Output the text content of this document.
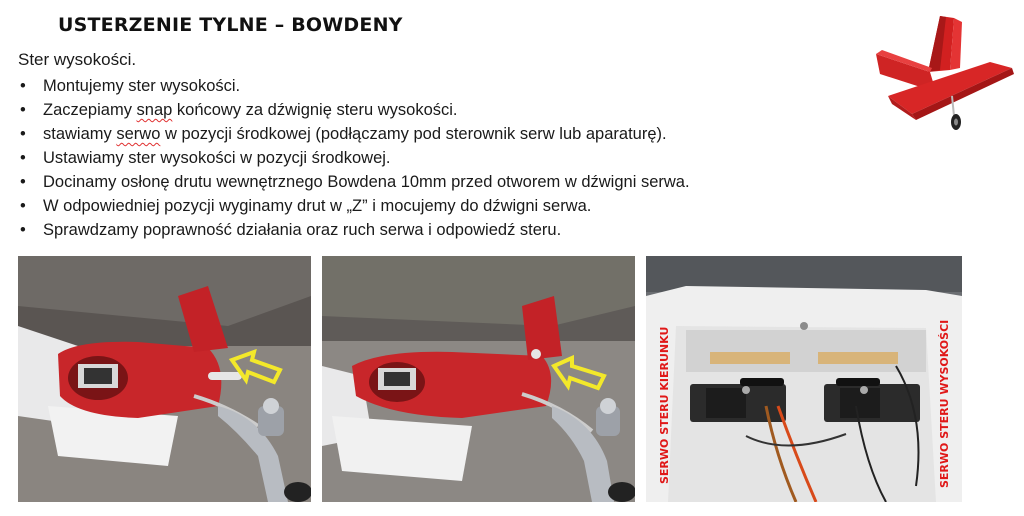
USTERZENIE TYLNE – BOWDENY
Ster wysokości.
• Montujemy ster wysokości.
• Zaczepiamy snap końcowy za dźwignię steru wysokości.
• stawiamy serwo w pozycji środkowej (podłączamy pod sterownik serw lub aparaturę).
• Ustawiamy ster wysokości w pozycji środkowej.
• Docinamy osłonę drutu wewnętrznego Bowdena 10mm przed otworem w dźwigni serwa.
• W odpowiedniej pozycji wyginamy drut w „Z” i mocujemy do dźwigni serwa.
• Sprawdzamy poprawność działania oraz ruch serwa i odpowiedź steru.
SERWO STERU KIERUNKU	SERWO STERU WYSOKOŚCI
